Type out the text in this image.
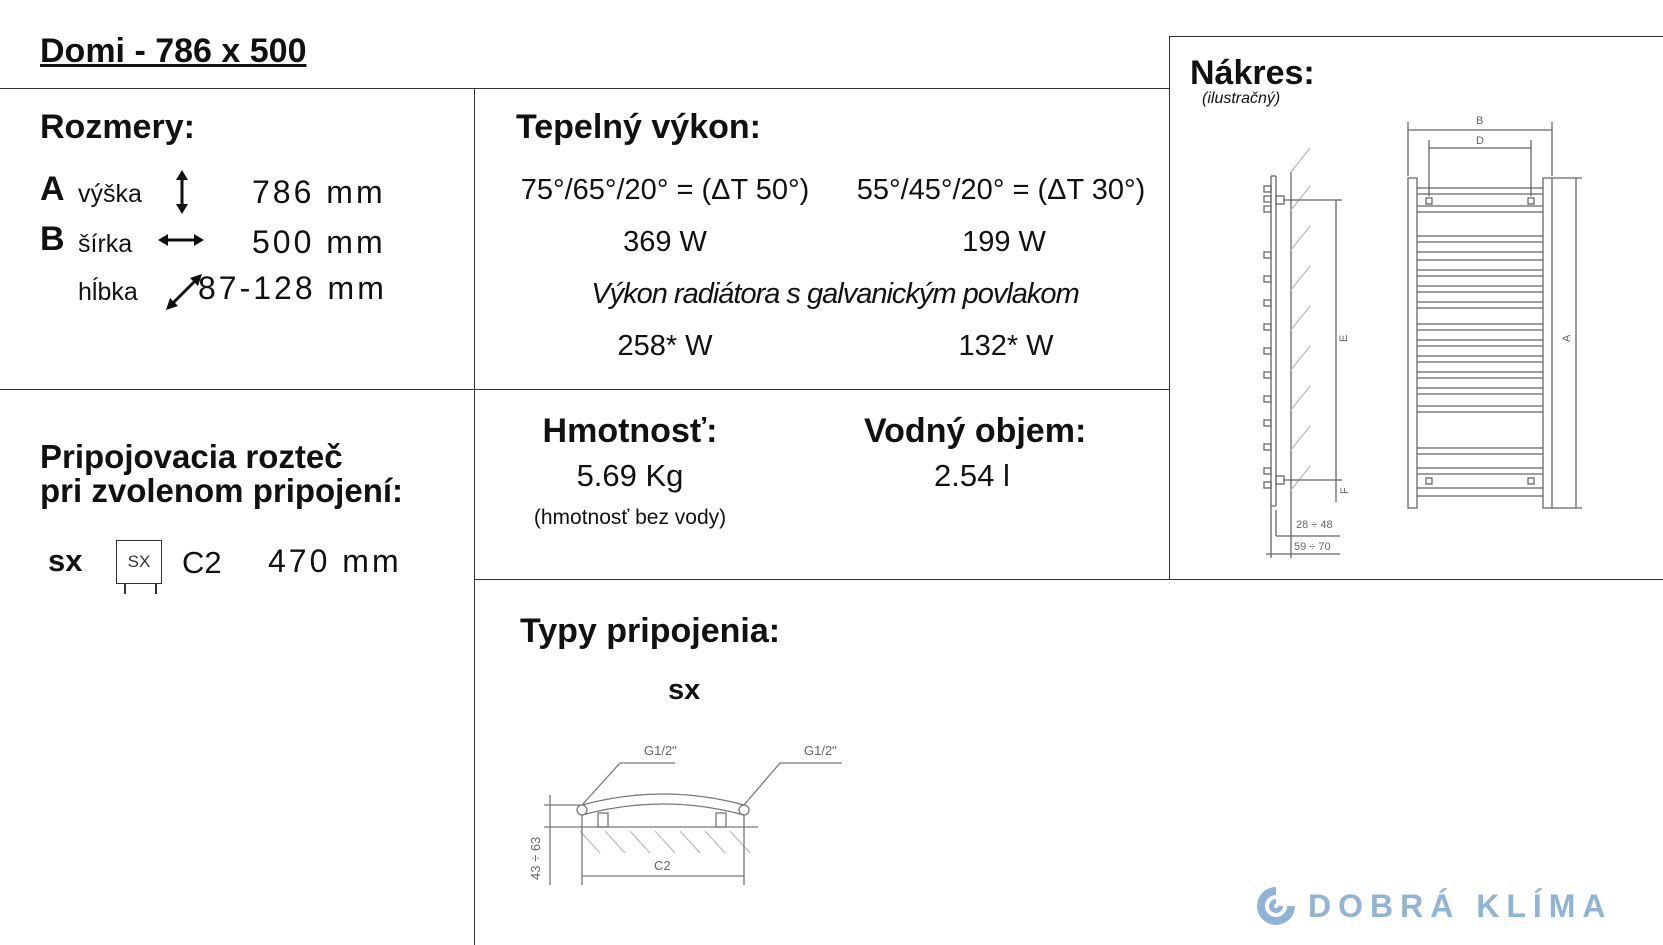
Domi - 786 x 500
Rozmery:
A výška	786 mm
B šírka	500 mm
hĺbka 87-128 mm
Tepelný výkon:
75°/65°/20° = (ΔT 50°)	55°/45°/20° = (ΔT 30°)
369 W	199 W
Výkon radiátora s galvanickým povlakom
258* W	132* W
Nákres:
(ilustračný)
B
D
E	A
F
28 ÷ 48
59 ÷ 70
Pripojovacia rozteč
pri zvolenom pripojení:
sx	SX	C2 470 mm
Hmotnosť:
5.69 Kg
(hmotnosť bez vody)
Vodný objem:
2.54 l
Typy pripojenia:
sx
G1/2"	G1/2"
C2
43 ÷ 63
DOBRÁ KLÍMA
